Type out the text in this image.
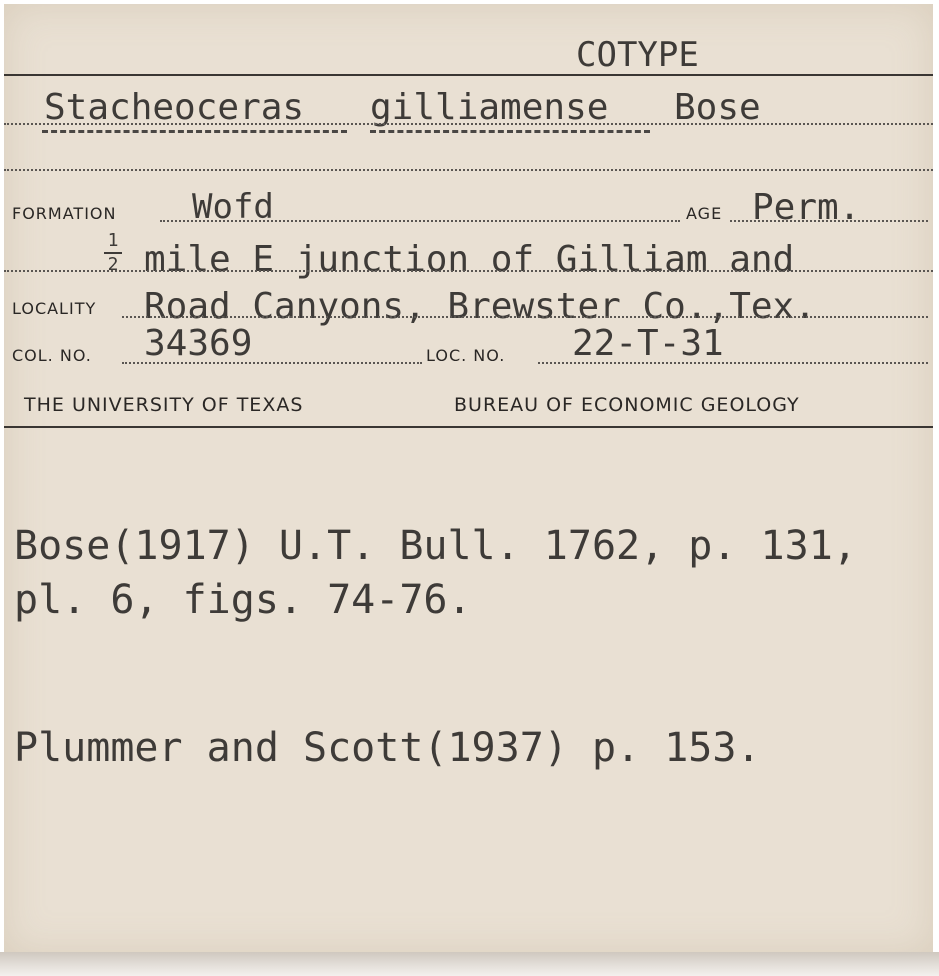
COTYPE
Stacheoceras gilliamense Bose
FORMATION Wofd	AGE Perm.
1
2 mile E junction of Gilliam and
LOCALITY Road Canyons, Brewster Co.,Tex.
COL. NO. 34369	LOC. NO. 22-T-31
THE UNIVERSITY OF TEXAS	BUREAU OF ECONOMIC GEOLOGY
Bose(1917) U.T. Bull. 1762, p. 131,
pl. 6, figs. 74-76.
Plummer and Scott(1937) p. 153.
